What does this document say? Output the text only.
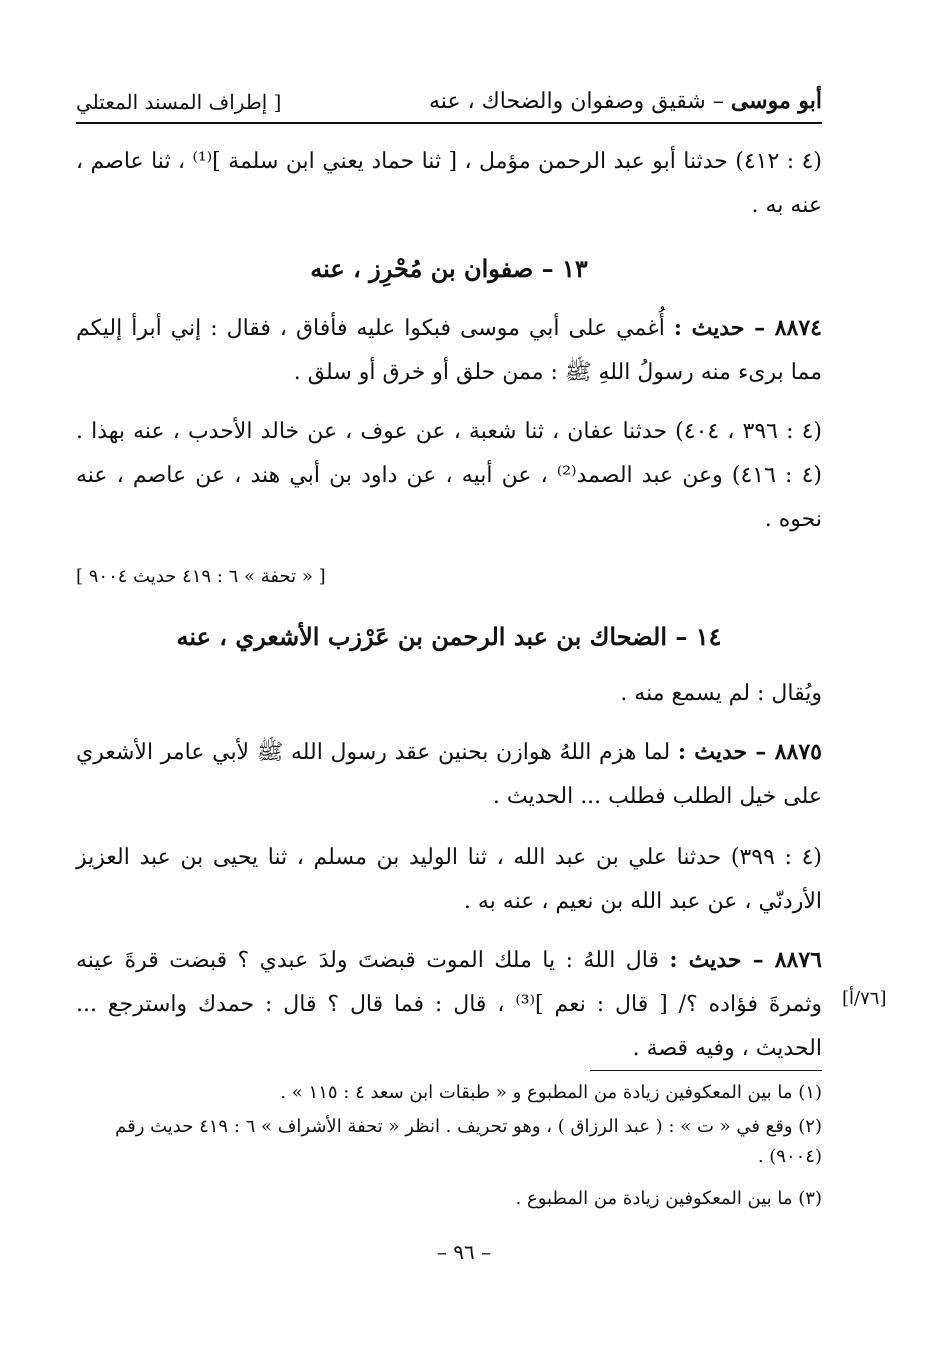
أبو موسى – شقيق وصفوان والضحاك ، عنه
[ إطراف المسند المعتلي
(٤ : ٤١٢) حدثنا أبو عبد الرحمن مؤمل ، [ ثنا حماد يعني ابن سلمة ]⁽¹⁾ ، ثنا عاصم ، عنه به .
١٣ – صفوان بن مُحْرِز ، عنه
٨٨٧٤ – حديث : أُغمي على أبي موسى فبكوا عليه فأفاق ، فقال : إني أبرأ إليكم مما برىء منه رسولُ اللهِ ﷺ : ممن حلق أو خرق أو سلق .
(٤ : ٣٩٦ ، ٤٠٤) حدثنا عفان ، ثنا شعبة ، عن عوف ، عن خالد الأحدب ، عنه بهذا . (٤ : ٤١٦) وعن عبد الصمد⁽²⁾ ، عن أبيه ، عن داود بن أبي هند ، عن عاصم ، عنه نحوه .
[ « تحفة » ٦ : ٤١٩ حديث ٩٠٠٤ ]
١٤ – الضحاك بن عبد الرحمن بن عَرْزب الأشعري ، عنه
ويُقال : لم يسمع منه .
٨٨٧٥ – حديث : لما هزم اللهُ هوازن بحنين عقد رسول الله ﷺ لأبي عامر الأشعري على خيل الطلب فطلب ... الحديث .
(٤ : ٣٩٩) حدثنا علي بن عبد الله ، ثنا الوليد بن مسلم ، ثنا يحيى بن عبد العزيز الأردنّي ، عن عبد الله بن نعيم ، عنه به .
٨٨٧٦ – حديث : قال اللهُ : يا ملك الموت قبضتَ ولدَ عبدي ؟ قبضت قرةَ عينه وثمرةَ فؤاده ؟/ [ قال : نعم ]⁽³⁾ ، قال : فما قال ؟ قال : حمدك واسترجع ... الحديث ، وفيه قصة .
[٧٦/أ]
(١) ما بين المعكوفين زيادة من المطبوع و « طبقات ابن سعد ٤ : ١١٥ » .
(٢) وقع في « ت » : ( عبد الرزاق ) ، وهو تحريف . انظر « تحفة الأشراف » ٦ : ٤١٩ حديث رقم (٩٠٠٤) .
(٣) ما بين المعكوفين زيادة من المطبوع .
– ٩٦ –
